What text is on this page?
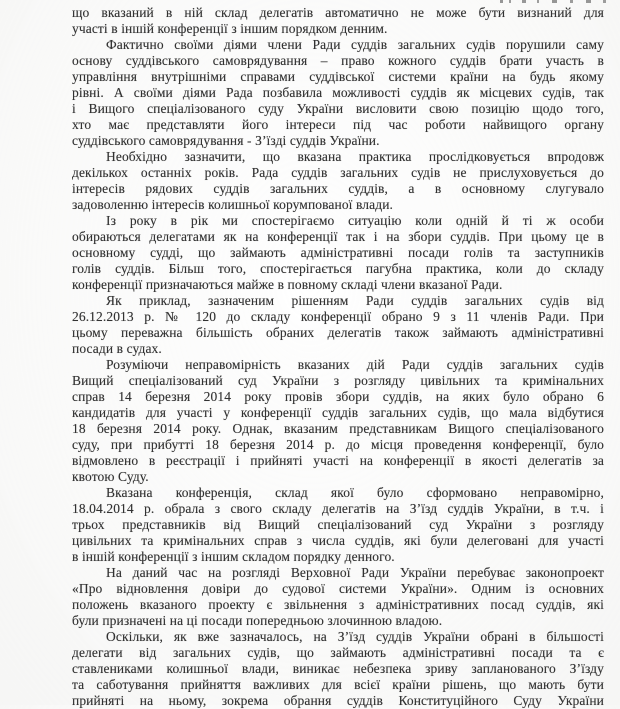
що вказаний в ній склад делегатів автоматично не може бути визнаний для
участі в іншій конференції з іншим порядком денним.
Фактично своїми діями члени Ради суддів загальних судів порушили саму
основу суддівського самоврядування – право кожного суддів брати участь в
управління внутрішніми справами суддівської системи країни на будь якому
рівні. А своїми діями Рада позбавила можливості суддів як місцевих судів, так
і Вищого спеціалізованого суду України висловити свою позицію щодо того,
хто має представляти його інтереси під час роботи найвищого органу
суддівського самоврядування - З’їзді суддів України.
Необхідно зазначити, що вказана практика прослідковується впродовж
декількох останніх років. Рада суддів загальних судів не прислуховується до
інтересів рядових суддів загальних суддів, а в основному слугувало
задоволенню інтересів колишньої корумпованої влади.
Із року в рік ми спостерігаємо ситуацію коли одній й ті ж особи
обираються делегатами як на конференції так і на збори суддів. При цьому це в
основному судді, що займають адміністративні посади голів та заступників
голів суддів. Більш того, спостерігається пагубна практика, коли до складу
конференції призначаються майже в повному складі члени вказаної Ради.
Як приклад, зазначеним рішенням Ради суддів загальних судів від
26.12.2013 р. № 120 до складу конференції обрано 9 з 11 членів Ради. При
цьому переважна більшість обраних делегатів також займають адміністративні
посади в судах.
Розуміючи неправомірність вказаних дій Ради суддів загальних судів
Вищий спеціалізований суд України з розгляду цивільних та кримінальних
справ 14 березня 2014 року провів збори суддів, на яких було обрано 6
кандидатів для участі у конференції суддів загальних судів, що мала відбутися
18 березня 2014 року. Однак, вказаним представникам Вищого спеціалізованого
суду, при прибутті 18 березня 2014 р. до місця проведення конференції, було
відмовлено в реєстрації і прийняті участі на конференції в якості делегатів за
квотою Суду.
Вказана конференція, склад якої було сформовано неправомірно,
18.04.2014 р. обрала з свого складу делегатів на З’їзд суддів України, в т.ч. і
трьох представників від Вищий спеціалізований суд України з розгляду
цивільних та кримінальних справ з числа суддів, які були делеговані для участі
в іншій конференції з іншим складом порядку денного.
На даний час на розгляді Верховної Ради України перебуває законопроект
«Про відновлення довіри до судової системи України». Одним із основних
положень вказаного проекту є звільнення з адміністративних посад суддів, які
були призначені на ці посади попередньою злочинною владою.
Оскільки, як вже зазначалось, на З’їзд суддів України обрані в більшості
делегати від загальних судів, що займають адміністративні посади та є
ставлениками колишньої влади, виникає небезпека зриву запланованого З’їзду
та саботування прийняття важливих для всієї країни рішень, що мають бути
прийняті на ньому, зокрема обрання суддів Конституційного Суду України
